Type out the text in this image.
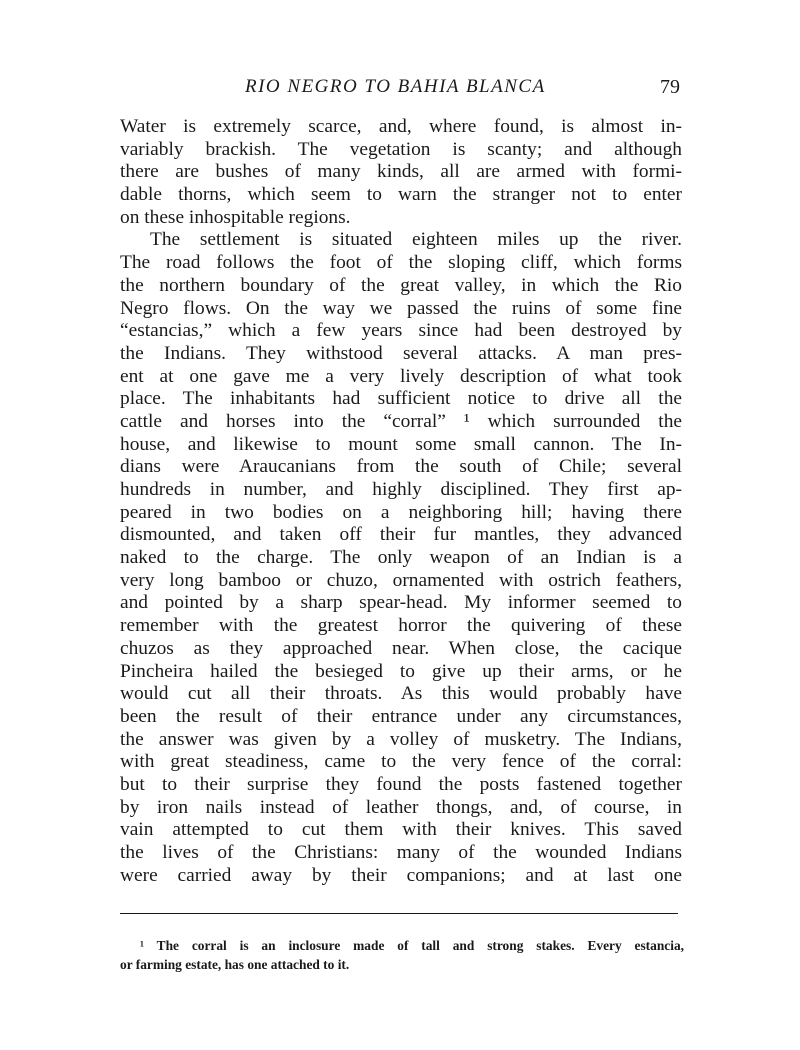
RIO NEGRO TO BAHIA BLANCA	79
Water is extremely scarce, and, where found, is almost in-
variably brackish. The vegetation is scanty; and although
there are bushes of many kinds, all are armed with formi-
dable thorns, which seem to warn the stranger not to enter
on these inhospitable regions.
The settlement is situated eighteen miles up the river.
The road follows the foot of the sloping cliff, which forms
the northern boundary of the great valley, in which the Rio
Negro flows. On the way we passed the ruins of some fine
“estancias,” which a few years since had been destroyed by
the Indians. They withstood several attacks. A man pres-
ent at one gave me a very lively description of what took
place. The inhabitants had sufficient notice to drive all the
cattle and horses into the “corral” ¹ which surrounded the
house, and likewise to mount some small cannon. The In-
dians were Araucanians from the south of Chile; several
hundreds in number, and highly disciplined. They first ap-
peared in two bodies on a neighboring hill; having there
dismounted, and taken off their fur mantles, they advanced
naked to the charge. The only weapon of an Indian is a
very long bamboo or chuzo, ornamented with ostrich feathers,
and pointed by a sharp spear-head. My informer seemed to
remember with the greatest horror the quivering of these
chuzos as they approached near. When close, the cacique
Pincheira hailed the besieged to give up their arms, or he
would cut all their throats. As this would probably have
been the result of their entrance under any circumstances,
the answer was given by a volley of musketry. The Indians,
with great steadiness, came to the very fence of the corral:
but to their surprise they found the posts fastened together
by iron nails instead of leather thongs, and, of course, in
vain attempted to cut them with their knives. This saved
the lives of the Christians: many of the wounded Indians
were carried away by their companions; and at last one
¹ The corral is an inclosure made of tall and strong stakes. Every estancia,
or farming estate, has one attached to it.
